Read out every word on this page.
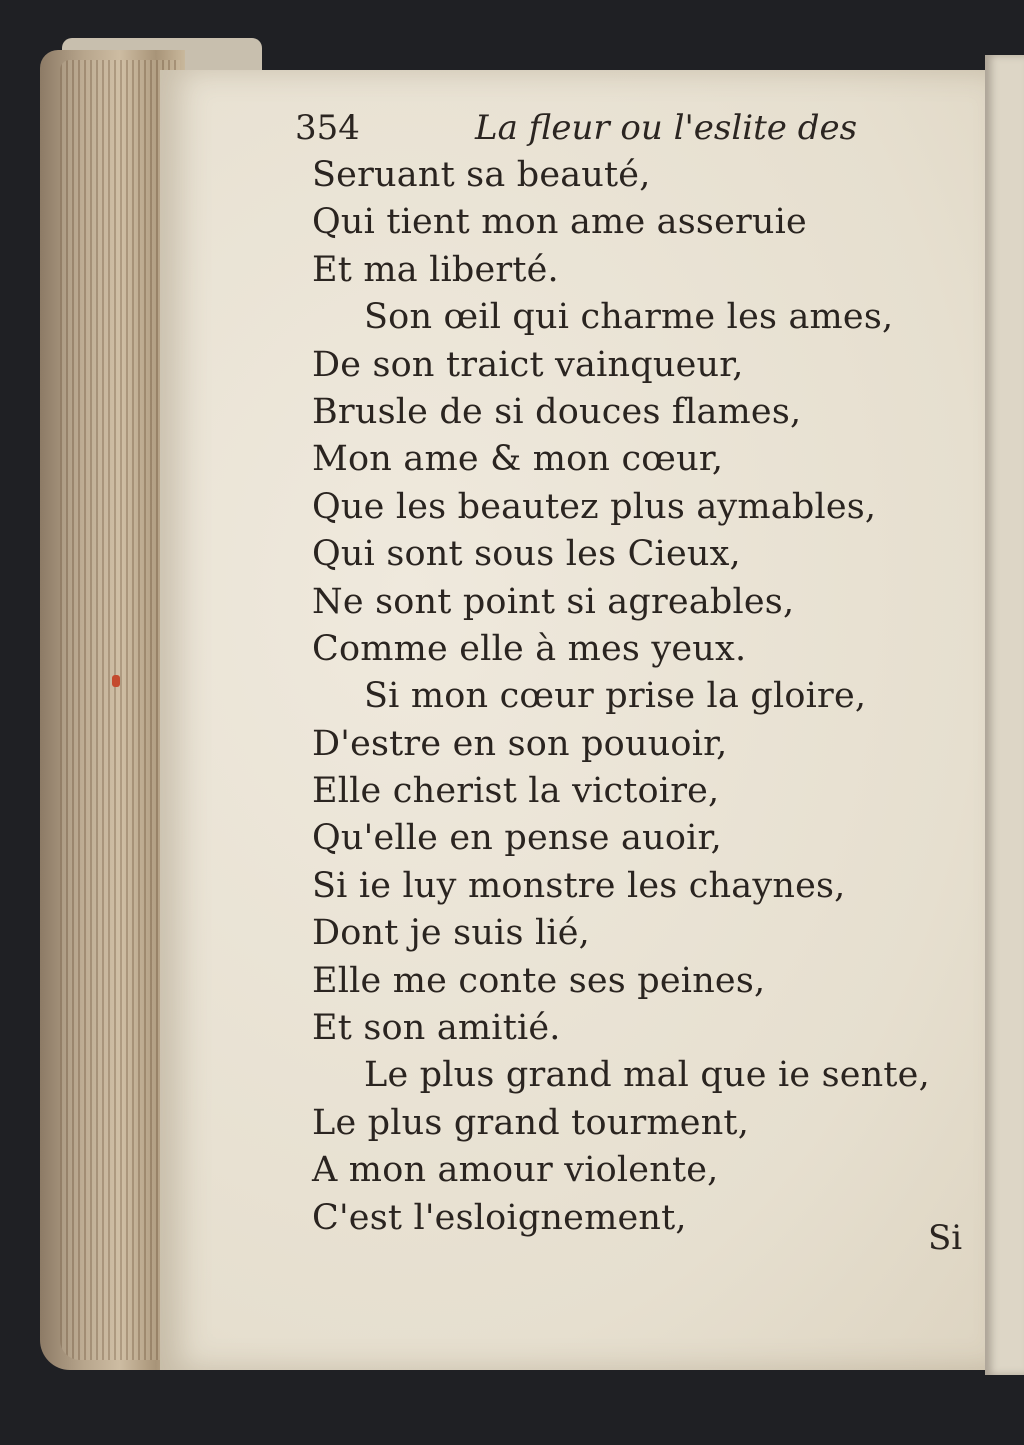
354	La fleur ou l'eslite des
Seruant sa beauté,
Qui tient mon ame asseruie
Et ma liberté.
Son œil qui charme les ames,
De son traict vainqueur,
Brusle de si douces flames,
Mon ame & mon cœur,
Que les beautez plus aymables,
Qui sont sous les Cieux,
Ne sont point si agreables,
Comme elle à mes yeux.
Si mon cœur prise la gloire,
D'estre en son pouuoir,
Elle cherist la victoire,
Qu'elle en pense auoir,
Si ie luy monstre les chaynes,
Dont je suis lié,
Elle me conte ses peines,
Et son amitié.
Le plus grand mal que ie sente,
Le plus grand tourment,
A mon amour violente,
C'est l'esloignement,
Si
